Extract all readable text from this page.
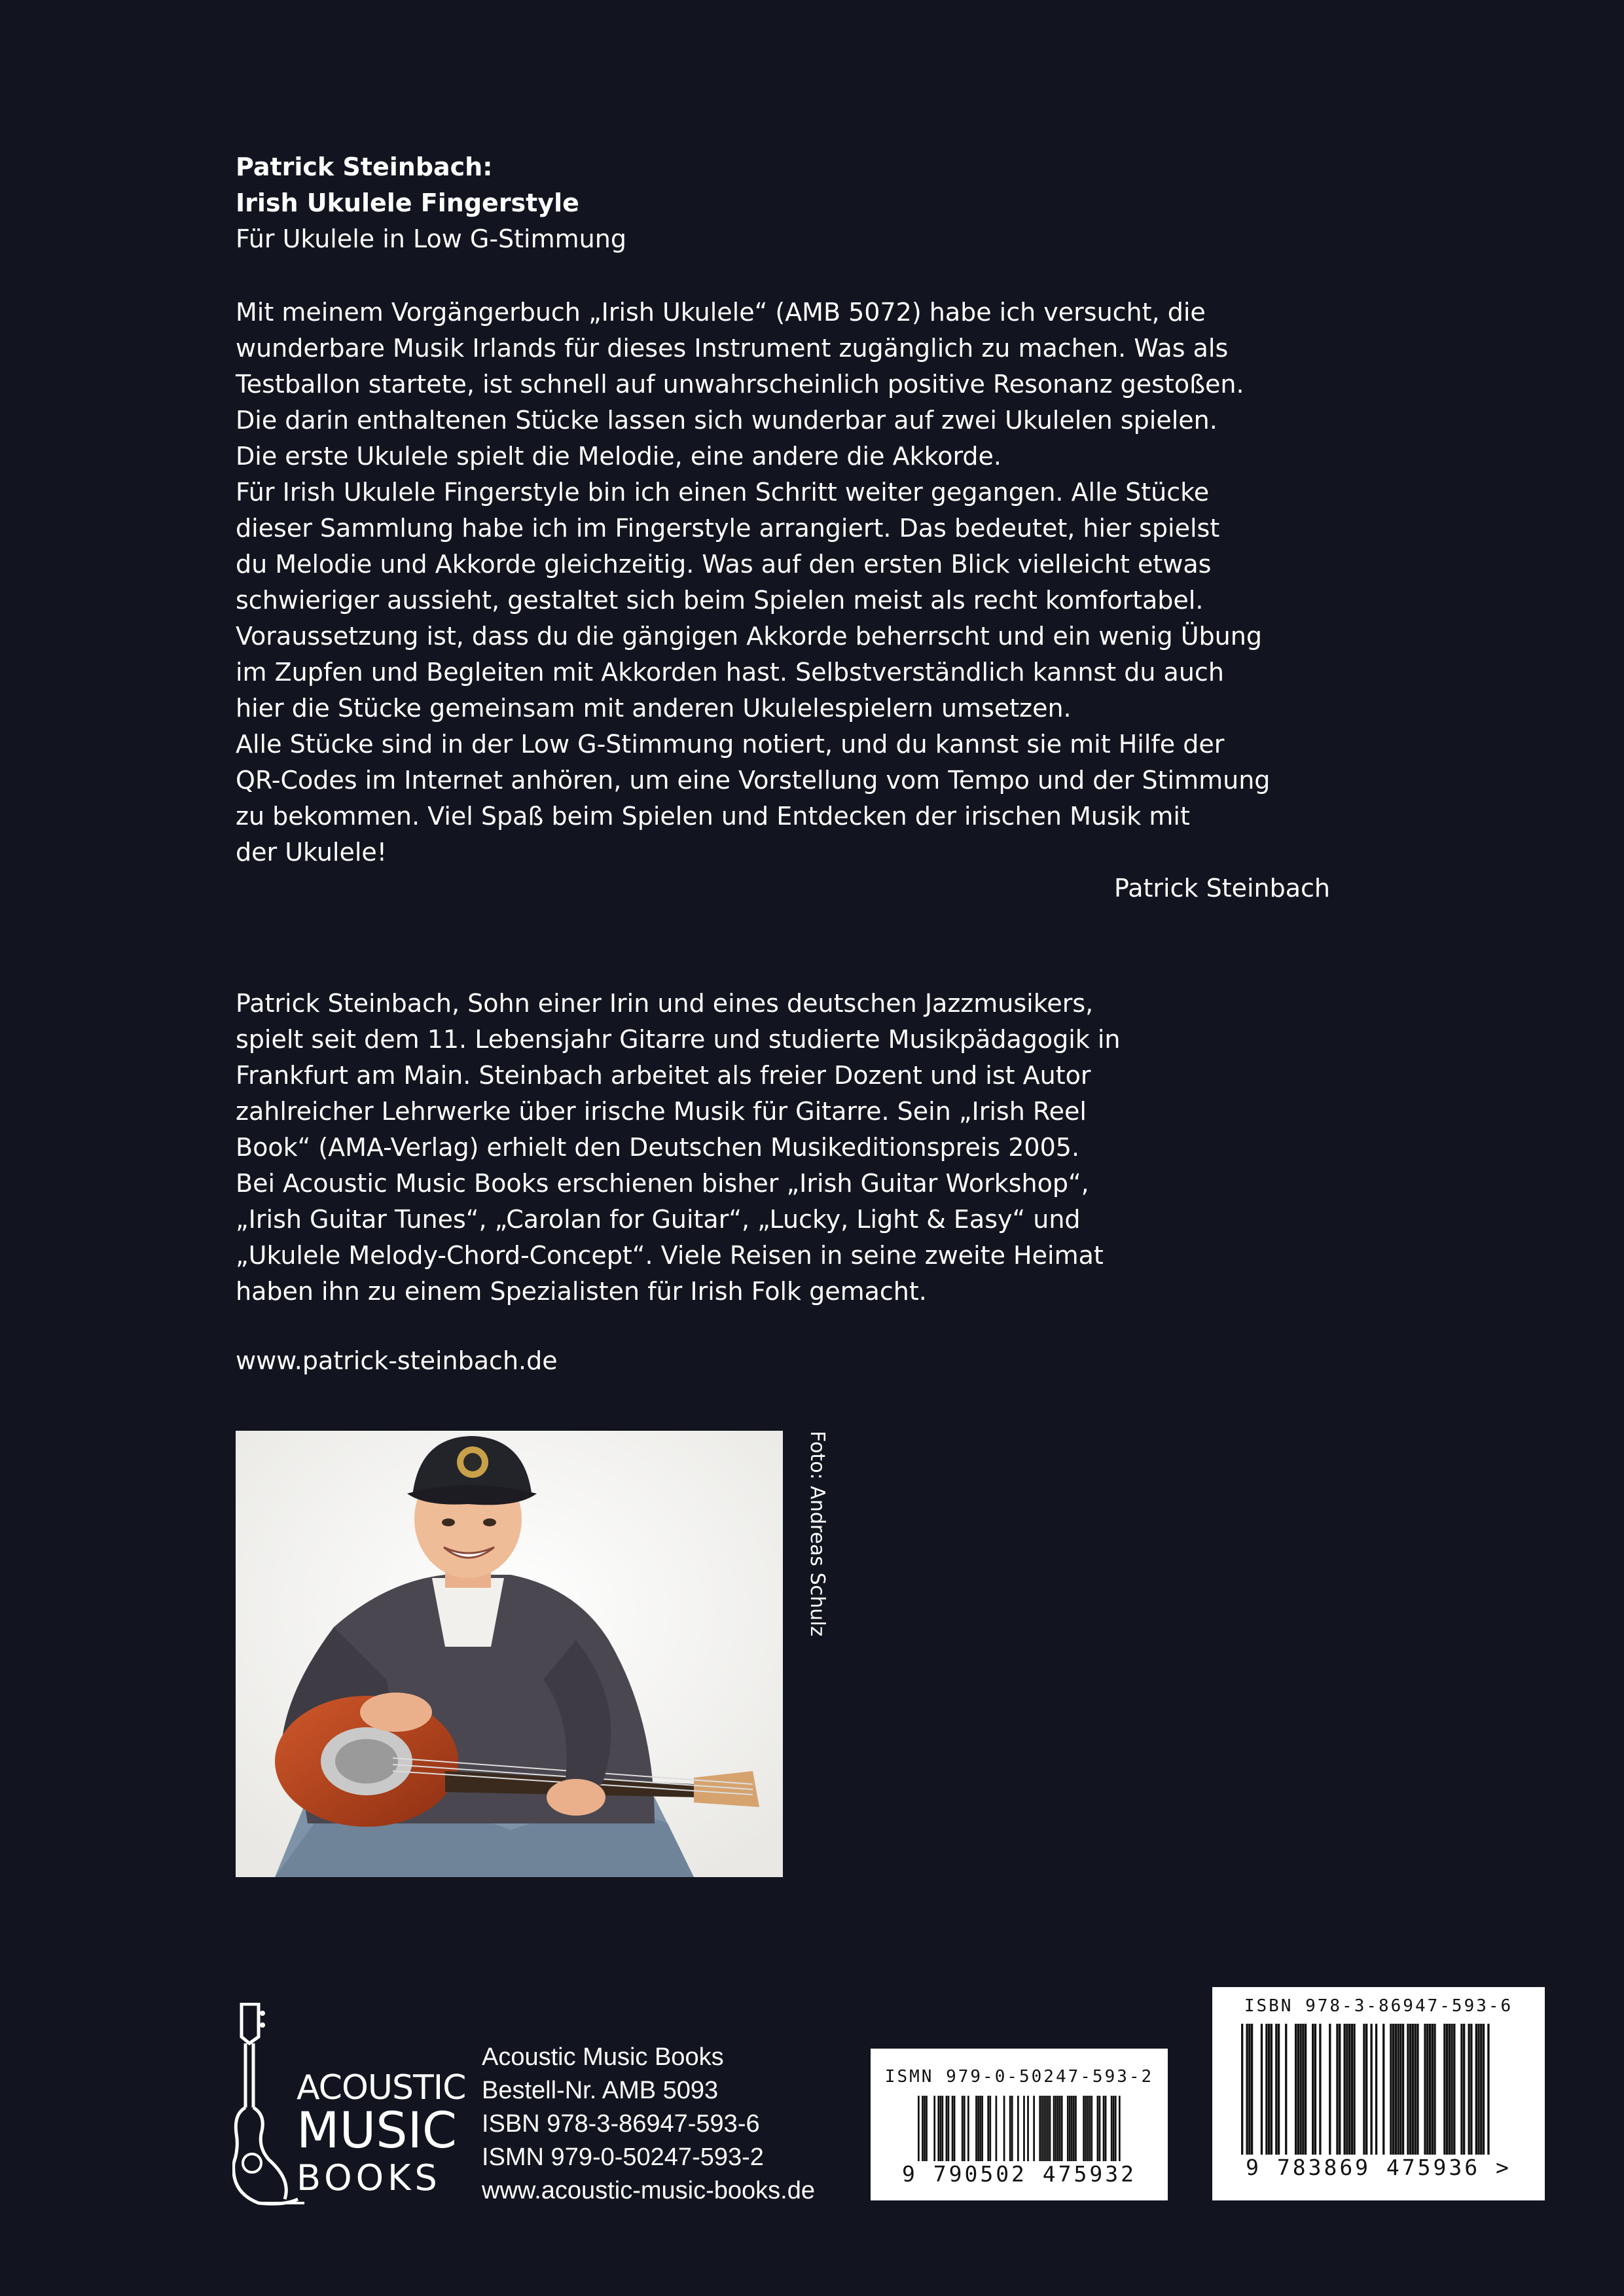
Patrick Steinbach:
Irish Ukulele Fingerstyle
Für Ukulele in Low G-Stimmung
Mit meinem Vorgängerbuch „Irish Ukulele“ (AMB 5072) habe ich versucht, die
wunderbare Musik Irlands für dieses Instrument zugänglich zu machen. Was als
Testballon startete, ist schnell auf unwahrscheinlich positive Resonanz gestoßen.
Die darin enthaltenen Stücke lassen sich wunderbar auf zwei Ukulelen spielen.
Die erste Ukulele spielt die Melodie, eine andere die Akkorde.
Für Irish Ukulele Fingerstyle bin ich einen Schritt weiter gegangen. Alle Stücke
dieser Sammlung habe ich im Fingerstyle arrangiert. Das bedeutet, hier spielst
du Melodie und Akkorde gleichzeitig. Was auf den ersten Blick vielleicht etwas
schwieriger aussieht, gestaltet sich beim Spielen meist als recht komfortabel.
Voraussetzung ist, dass du die gängigen Akkorde beherrscht und ein wenig Übung
im Zupfen und Begleiten mit Akkorden hast. Selbstverständlich kannst du auch
hier die Stücke gemeinsam mit anderen Ukulelespielern umsetzen.
Alle Stücke sind in der Low G-Stimmung notiert, und du kannst sie mit Hilfe der
QR-Codes im Internet anhören, um eine Vorstellung vom Tempo und der Stimmung
zu bekommen. Viel Spaß beim Spielen und Entdecken der irischen Musik mit
der Ukulele!
Patrick Steinbach
Patrick Steinbach, Sohn einer Irin und eines deutschen Jazzmusikers,
spielt seit dem 11. Lebensjahr Gitarre und studierte Musikpädagogik in
Frankfurt am Main. Steinbach arbeitet als freier Dozent und ist Autor
zahlreicher Lehrwerke über irische Musik für Gitarre. Sein „Irish Reel
Book“ (AMA-Verlag) erhielt den Deutschen Musikeditionspreis 2005.
Bei Acoustic Music Books erschienen bisher „Irish Guitar Workshop“,
„Irish Guitar Tunes“, „Carolan for Guitar“, „Lucky, Light & Easy“ und
„Ukulele Melody-Chord-Concept“. Viele Reisen in seine zweite Heimat
haben ihn zu einem Spezialisten für Irish Folk gemacht.
www.patrick-steinbach.de
Foto: Andreas Schulz
ACOUSTIC
MUSIC
BOOKS
Acoustic Music Books
Bestell-Nr. AMB 5093
ISBN 978-3-86947-593-6
ISMN 979-0-50247-593-2
www.acoustic-music-books.de
ISMN 979-0-50247-593-2
9 790502 475932
ISBN 978-3-86947-593-6
9 783869 475936 >
